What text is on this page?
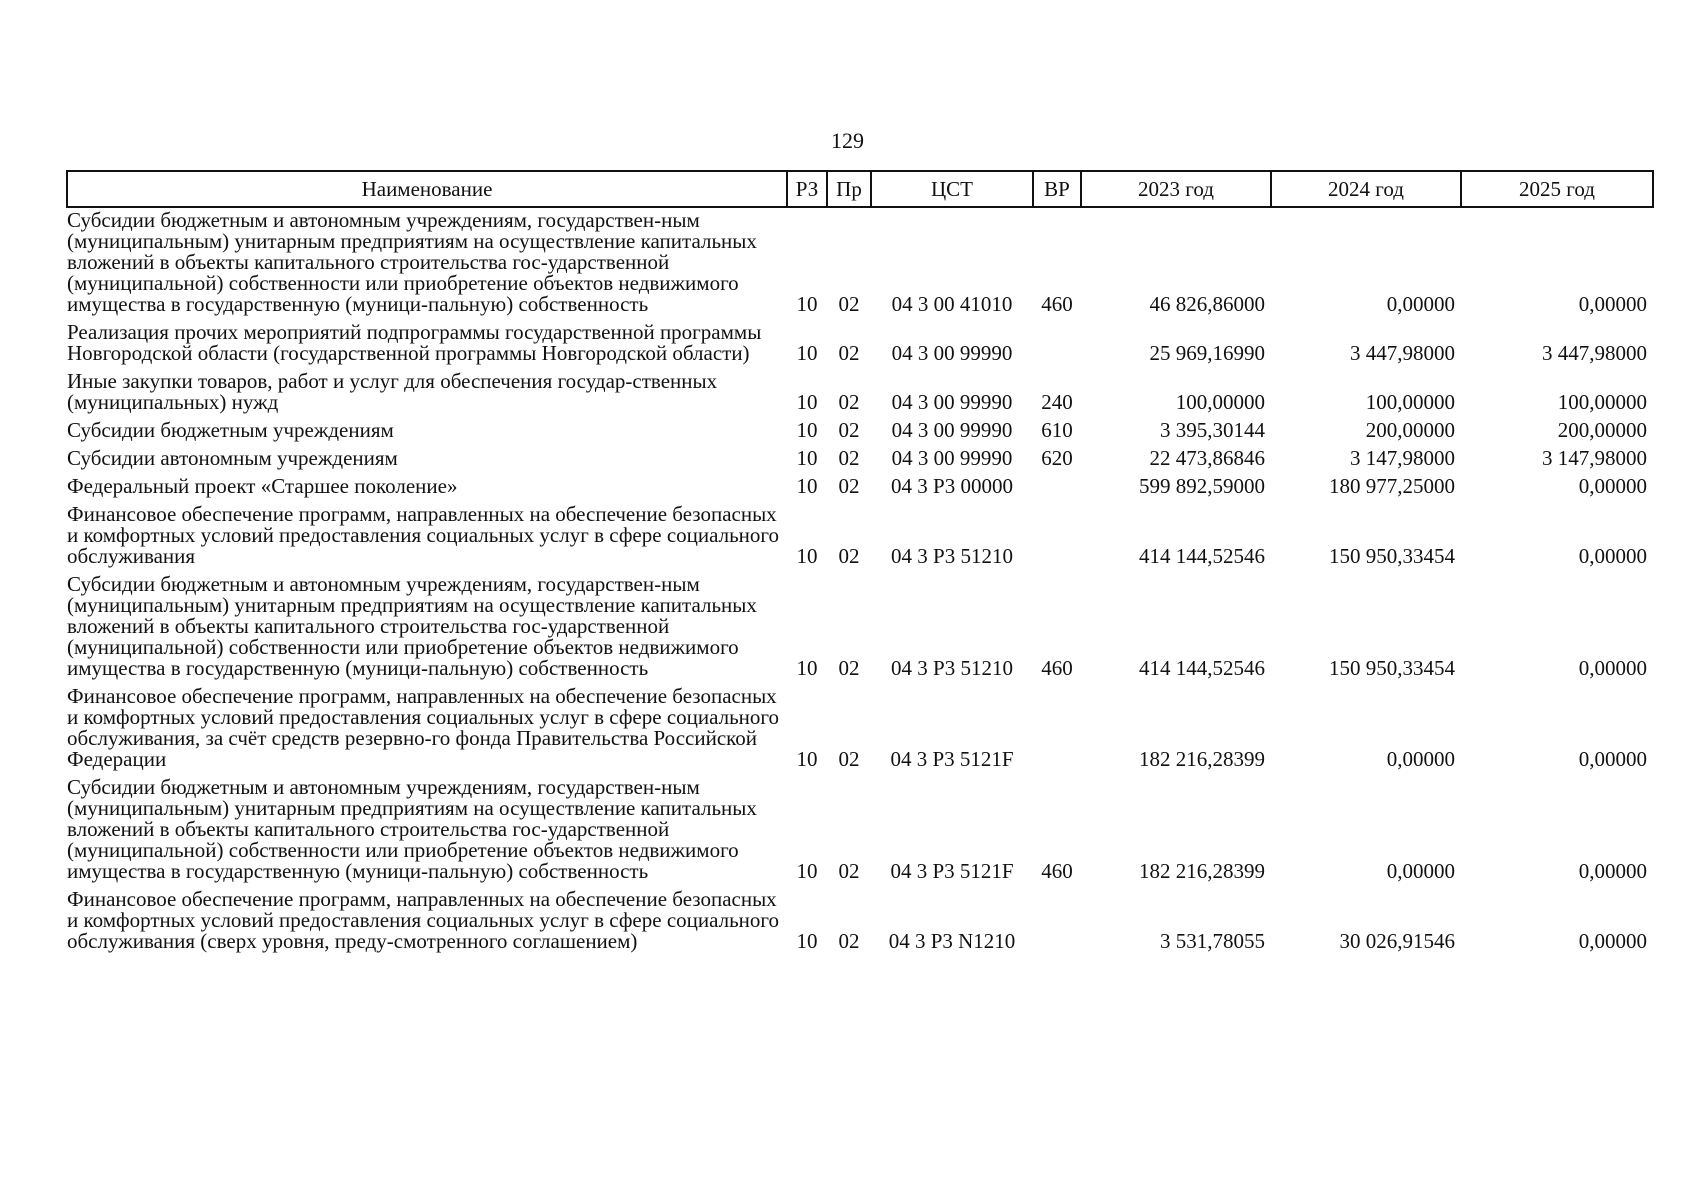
129
Наименование	РЗ	Пр	ЦСТ	ВР	2023 год	2024 год	2025 год
Субсидии бюджетным и автономным учреждениям, государствен-ным (муниципальным) унитарным предприятиям на осуществление капитальных вложений в объекты капитального строительства гос-ударственной (муниципальной) собственности или приобретение объектов недвижимого имущества в государственную (муници-пальную) собственность	10	02	04 3 00 41010	460	46 826,86000	0,00000	0,00000
Реализация прочих мероприятий подпрограммы государственной программы Новгородской области (государственной программы Новгородской области)	10	02	04 3 00 99990		25 969,16990	3 447,98000	3 447,98000
Иные закупки товаров, работ и услуг для обеспечения государ-ственных (муниципальных) нужд	10	02	04 3 00 99990	240	100,00000	100,00000	100,00000
Субсидии бюджетным учреждениям	10	02	04 3 00 99990	610	3 395,30144	200,00000	200,00000
Субсидии автономным учреждениям	10	02	04 3 00 99990	620	22 473,86846	3 147,98000	3 147,98000
Федеральный проект «Старшее поколение»	10	02	04 3 P3 00000		599 892,59000	180 977,25000	0,00000
Финансовое обеспечение программ, направленных на обеспечение безопасных и комфортных условий предоставления социальных услуг в сфере социального обслуживания	10	02	04 3 P3 51210		414 144,52546	150 950,33454	0,00000
Субсидии бюджетным и автономным учреждениям, государствен-ным (муниципальным) унитарным предприятиям на осуществление капитальных вложений в объекты капитального строительства гос-ударственной (муниципальной) собственности или приобретение объектов недвижимого имущества в государственную (муници-пальную) собственность	10	02	04 3 P3 51210	460	414 144,52546	150 950,33454	0,00000
Финансовое обеспечение программ, направленных на обеспечение безопасных и комфортных условий предоставления социальных услуг в сфере социального обслуживания, за счёт средств резервно-го фонда Правительства Российской Федерации	10	02	04 3 P3 5121F		182 216,28399	0,00000	0,00000
Субсидии бюджетным и автономным учреждениям, государствен-ным (муниципальным) унитарным предприятиям на осуществление капитальных вложений в объекты капитального строительства гос-ударственной (муниципальной) собственности или приобретение объектов недвижимого имущества в государственную (муници-пальную) собственность	10	02	04 3 P3 5121F	460	182 216,28399	0,00000	0,00000
Финансовое обеспечение программ, направленных на обеспечение безопасных и комфортных условий предоставления социальных услуг в сфере социального обслуживания (сверх уровня, преду-смотренного соглашением)	10	02	04 3 P3 N1210		3 531,78055	30 026,91546	0,00000
